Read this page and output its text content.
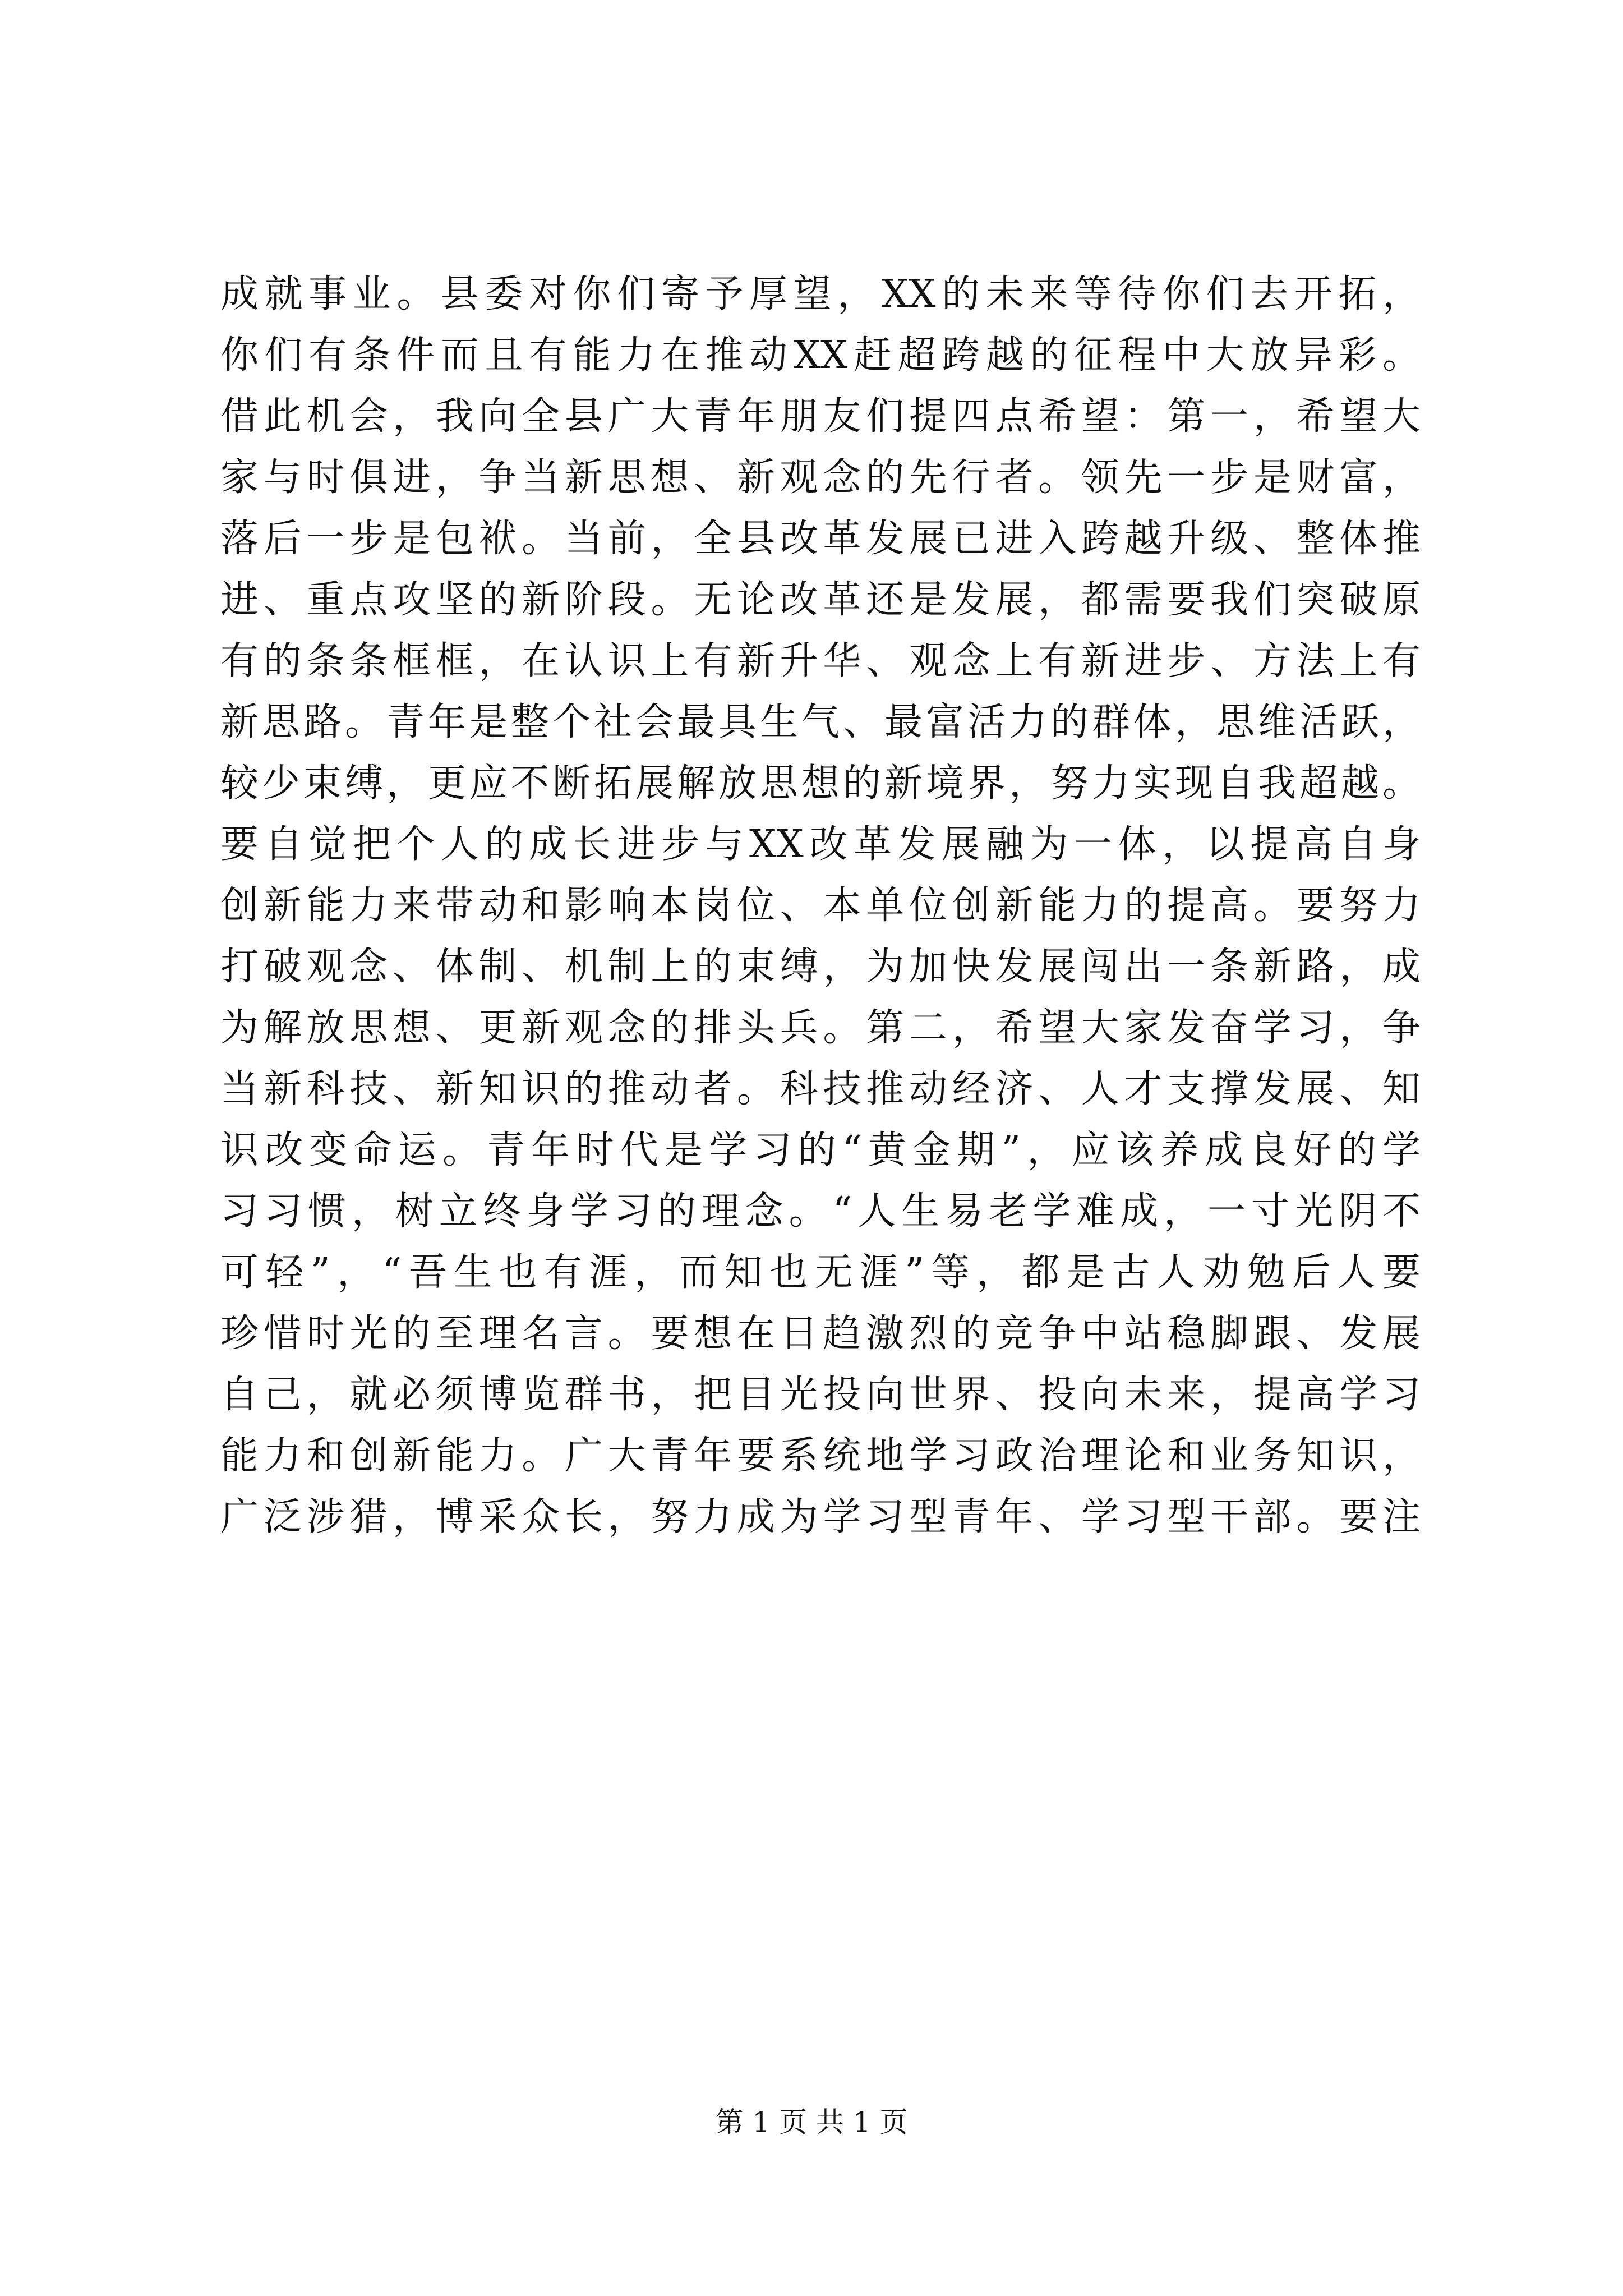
成就事业。县委对你们寄予厚望，XX的未来等待你们去开拓，
你们有条件而且有能力在推动XX赶超跨越的征程中大放异彩。
借此机会，我向全县广大青年朋友们提四点希望：第一，希望大
家与时俱进，争当新思想、新观念的先行者。领先一步是财富，
落后一步是包袱。当前，全县改革发展已进入跨越升级、整体推
进、重点攻坚的新阶段。无论改革还是发展，都需要我们突破原
有的条条框框，在认识上有新升华、观念上有新进步、方法上有
新思路。青年是整个社会最具生气、最富活力的群体，思维活跃，
较少束缚，更应不断拓展解放思想的新境界，努力实现自我超越。
要自觉把个人的成长进步与XX改革发展融为一体，以提高自身
创新能力来带动和影响本岗位、本单位创新能力的提高。要努力
打破观念、体制、机制上的束缚，为加快发展闯出一条新路，成
为解放思想、更新观念的排头兵。第二，希望大家发奋学习，争
当新科技、新知识的推动者。科技推动经济、人才支撑发展、知
识改变命运。青年时代是学习的“黄金期”，应该养成良好的学
习习惯，树立终身学习的理念。“人生易老学难成，一寸光阴不
可轻”，“吾生也有涯，而知也无涯”等，都是古人劝勉后人要
珍惜时光的至理名言。要想在日趋激烈的竞争中站稳脚跟、发展
自己，就必须博览群书，把目光投向世界、投向未来，提高学习
能力和创新能力。广大青年要系统地学习政治理论和业务知识，
广泛涉猎，博采众长，努力成为学习型青年、学习型干部。要注
第 1 页 共 1 页
